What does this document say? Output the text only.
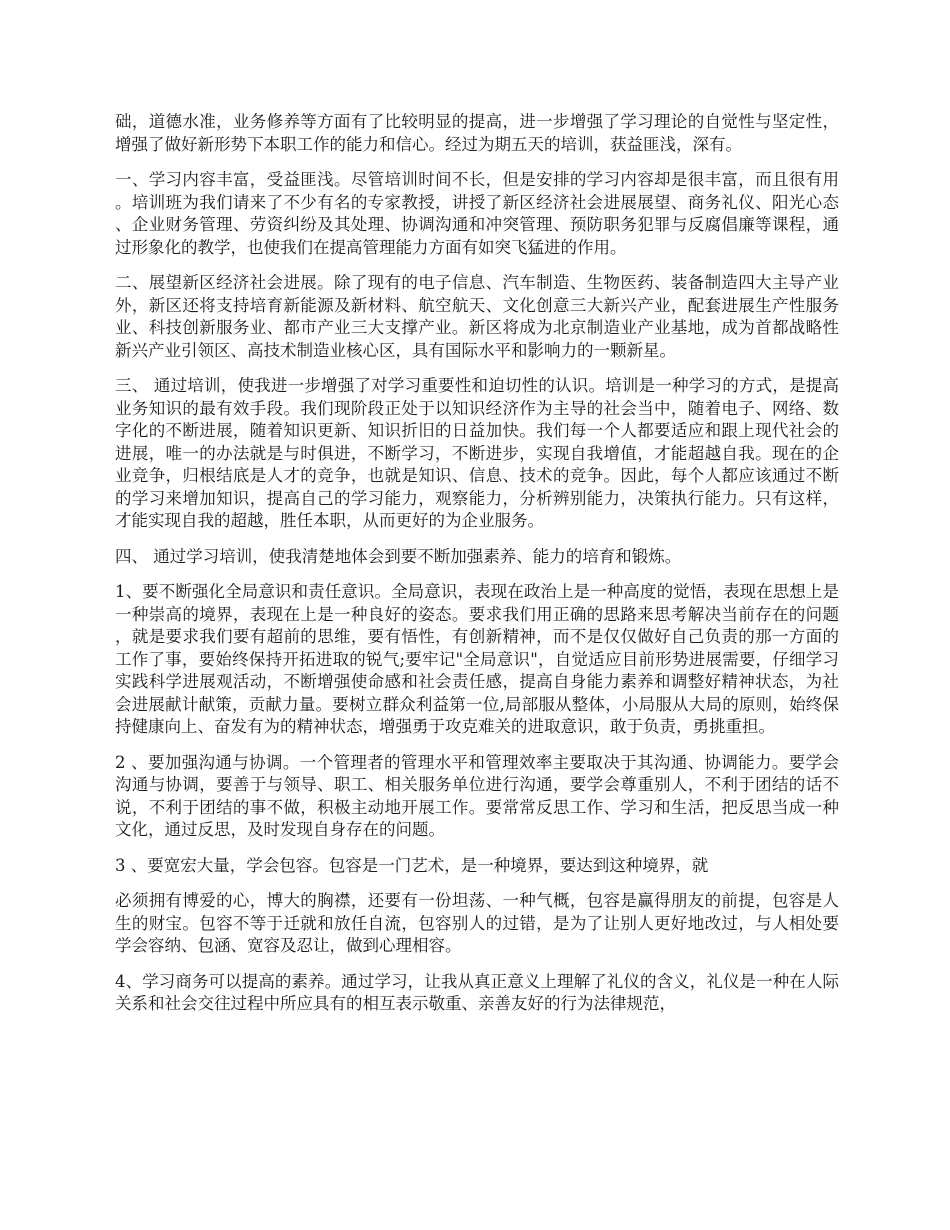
础，道德水准，业务修养等方面有了比较明显的提高，进一步增强了学习理论的自觉性与坚定性，增强了做好新形势下本职工作的能力和信心。经过为期五天的培训，获益匪浅，深有。

一、学习内容丰富，受益匪浅。尽管培训时间不长，但是安排的学习内容却是很丰富，而且很有用。培训班为我们请来了不少有名的专家教授，讲授了新区经济社会进展展望、商务礼仪、阳光心态、企业财务管理、劳资纠纷及其处理、协调沟通和冲突管理、预防职务犯罪与反腐倡廉等课程，通过形象化的教学，也使我们在提高管理能力方面有如突飞猛进的作用。

二、展望新区经济社会进展。除了现有的电子信息、汽车制造、生物医药、装备制造四大主导产业外，新区还将支持培育新能源及新材料、航空航天、文化创意三大新兴产业，配套进展生产性服务业、科技创新服务业、都市产业三大支撑产业。新区将成为北京制造业产业基地，成为首都战略性新兴产业引领区、高技术制造业核心区，具有国际水平和影响力的一颗新星。

三、 通过培训，使我进一步增强了对学习重要性和迫切性的认识。培训是一种学习的方式，是提高业务知识的最有效手段。我们现阶段正处于以知识经济作为主导的社会当中，随着电子、网络、数字化的不断进展，随着知识更新、知识折旧的日益加快。我们每一个人都要适应和跟上现代社会的进展，唯一的办法就是与时俱进，不断学习，不断进步，实现自我增值，才能超越自我。现在的企业竞争，归根结底是人才的竞争，也就是知识、信息、技术的竞争。因此，每个人都应该通过不断的学习来增加知识，提高自己的学习能力，观察能力，分析辨别能力，决策执行能力。只有这样，才能实现自我的超越，胜任本职，从而更好的为企业服务。

四、 通过学习培训，使我清楚地体会到要不断加强素养、能力的培育和锻炼。

1、要不断强化全局意识和责任意识。全局意识，表现在政治上是一种高度的觉悟，表现在思想上是一种崇高的境界，表现在上是一种良好的姿态。要求我们用正确的思路来思考解决当前存在的问题，就是要求我们要有超前的思维，要有悟性，有创新精神，而不是仅仅做好自己负责的那一方面的工作了事，要始终保持开拓进取的锐气;要牢记"全局意识"，自觉适应目前形势进展需要，仔细学习实践科学进展观活动，不断增强使命感和社会责任感，提高自身能力素养和调整好精神状态，为社会进展献计献策，贡献力量。要树立群众利益第一位,局部服从整体，小局服从大局的原则，始终保持健康向上、奋发有为的精神状态，增强勇于攻克难关的进取意识，敢于负责，勇挑重担。

2 、要加强沟通与协调。一个管理者的管理水平和管理效率主要取决于其沟通、协调能力。要学会沟通与协调，要善于与领导、职工、相关服务单位进行沟通，要学会尊重别人，不利于团结的话不说，不利于团结的事不做，积极主动地开展工作。要常常反思工作、学习和生活，把反思当成一种文化，通过反思，及时发现自身存在的问题。

3 、要宽宏大量，学会包容。包容是一门艺术，是一种境界，要达到这种境界，就

必须拥有博爱的心，博大的胸襟，还要有一份坦荡、一种气概，包容是赢得朋友的前提，包容是人生的财宝。包容不等于迁就和放任自流，包容别人的过错，是为了让别人更好地改过，与人相处要学会容纳、包涵、宽容及忍让，做到心理相容。

4、学习商务可以提高的素养。通过学习，让我从真正意义上理解了礼仪的含义，礼仪是一种在人际关系和社会交往过程中所应具有的相互表示敬重、亲善友好的行为法律规范，
